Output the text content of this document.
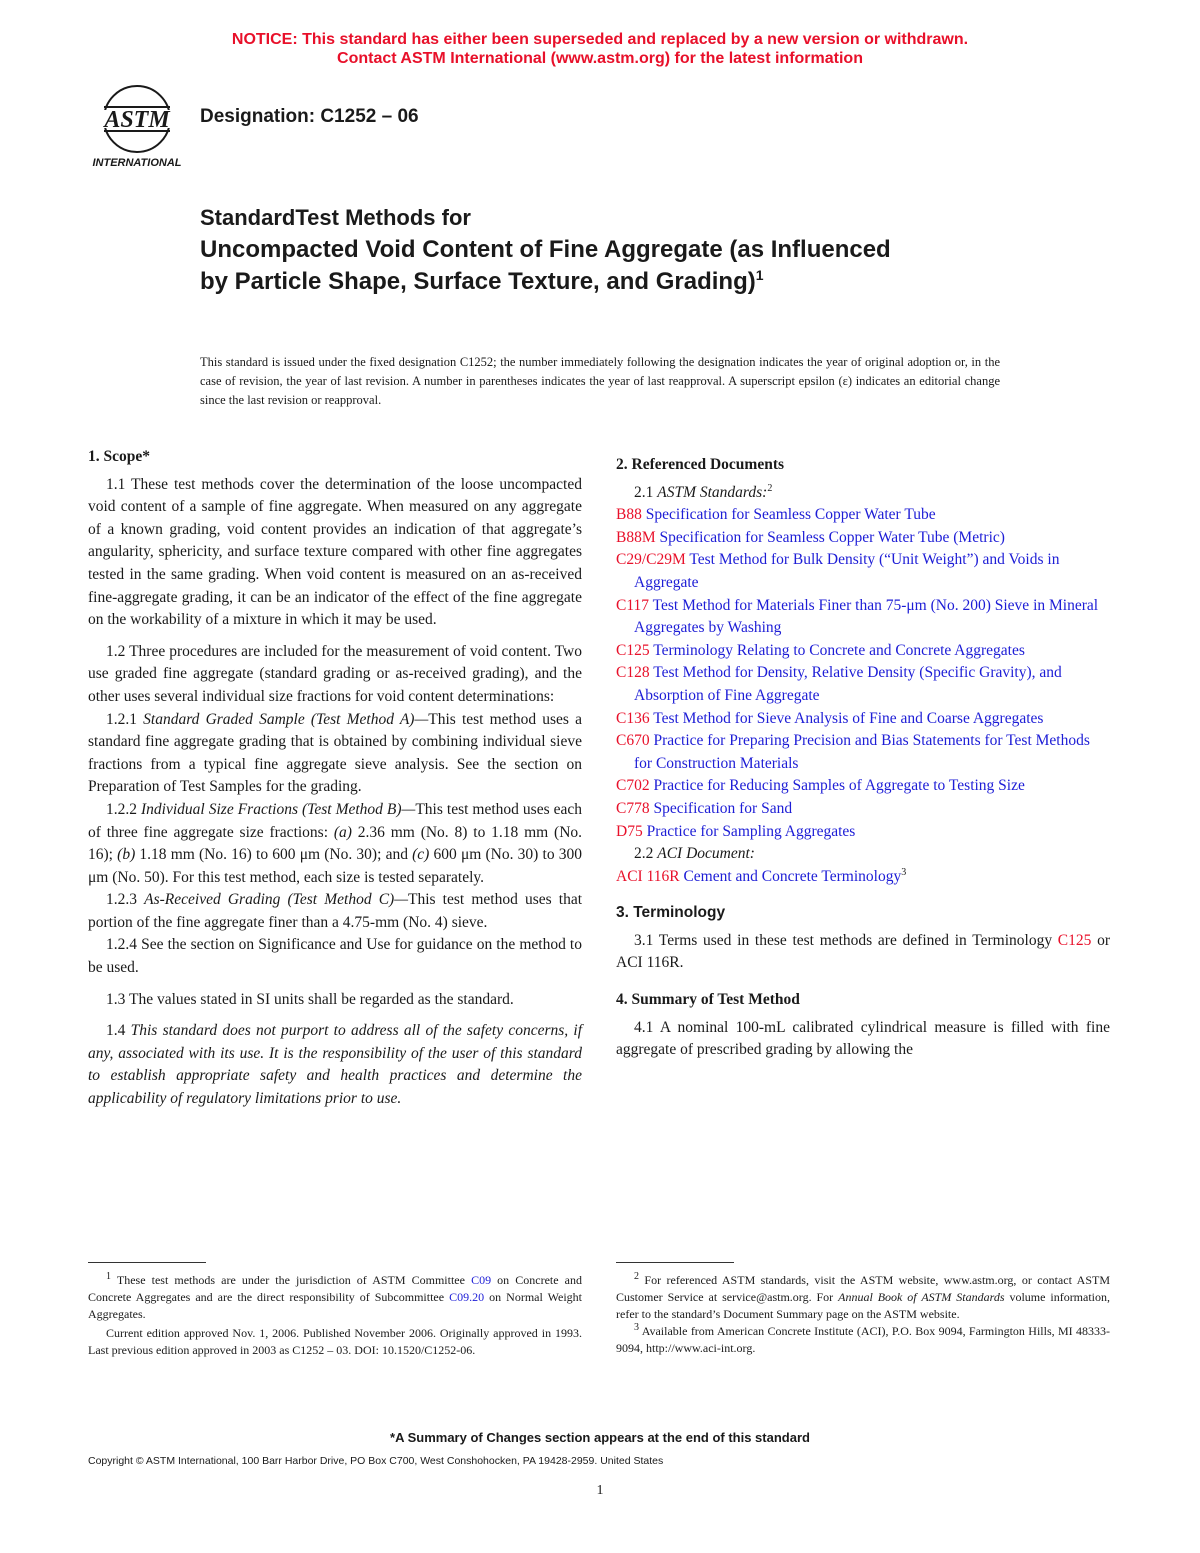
NOTICE: This standard has either been superseded and replaced by a new version or withdrawn.
Contact ASTM International (www.astm.org) for the latest information
ASTM
INTERNATIONAL
Designation: C1252 – 06
StandardTest Methods for
Uncompacted Void Content of Fine Aggregate (as Influenced by Particle Shape, Surface Texture, and Grading)$^1$
This standard is issued under the fixed designation C1252; the number immediately following the designation indicates the year of original adoption or, in the case of revision, the year of last revision. A number in parentheses indicates the year of last reapproval. A superscript epsilon (ε) indicates an editorial change since the last revision or reapproval.

1. Scope*

1.1 These test methods cover the determination of the loose uncompacted void content of a sample of fine aggregate. When measured on any aggregate of a known grading, void content provides an indication of that aggregate’s angularity, sphericity, and surface texture compared with other fine aggregates tested in the same grading. When void content is measured on an as-received fine-aggregate grading, it can be an indicator of the effect of the fine aggregate on the workability of a mixture in which it may be used.

1.2 Three procedures are included for the measurement of void content. Two use graded fine aggregate (standard grading or as-received grading), and the other uses several individual size fractions for void content determinations:

1.2.1 Standard Graded Sample (Test Method A)—This test method uses a standard fine aggregate grading that is obtained by combining individual sieve fractions from a typical fine aggregate sieve analysis. See the section on Preparation of Test Samples for the grading.

1.2.2 Individual Size Fractions (Test Method B)—This test method uses each of three fine aggregate size fractions: (a) 2.36 mm (No. 8) to 1.18 mm (No. 16); (b) 1.18 mm (No. 16) to 600 μm (No. 30); and (c) 600 μm (No. 30) to 300 μm (No. 50). For this test method, each size is tested separately.

1.2.3 As-Received Grading (Test Method C)—This test method uses that portion of the fine aggregate finer than a 4.75-mm (No. 4) sieve.

1.2.4 See the section on Significance and Use for guidance on the method to be used.

1.3 The values stated in SI units shall be regarded as the standard.

1.4 This standard does not purport to address all of the safety concerns, if any, associated with its use. It is the responsibility of the user of this standard to establish appropriate safety and health practices and determine the applicability of regulatory limitations prior to use.

2. Referenced Documents

2.1 ASTM Standards:$^2$

B88 Specification for Seamless Copper Water Tube

B88M Specification for Seamless Copper Water Tube (Metric)

C29/C29M Test Method for Bulk Density (“Unit Weight”) and Voids in Aggregate

C117 Test Method for Materials Finer than 75-μm (No. 200) Sieve in Mineral Aggregates by Washing

C125 Terminology Relating to Concrete and Concrete Aggregates

C128 Test Method for Density, Relative Density (Specific Gravity), and Absorption of Fine Aggregate

C136 Test Method for Sieve Analysis of Fine and Coarse Aggregates

C670 Practice for Preparing Precision and Bias Statements for Test Methods for Construction Materials

C702 Practice for Reducing Samples of Aggregate to Testing Size

C778 Specification for Sand

D75 Practice for Sampling Aggregates

2.2 ACI Document:

ACI 116R Cement and Concrete Terminology$^3$

3. Terminology

3.1 Terms used in these test methods are defined in Terminology C125 or ACI 116R.

4. Summary of Test Method

4.1 A nominal 100-mL calibrated cylindrical measure is filled with fine aggregate of prescribed grading by allowing the

$^1$ These test methods are under the jurisdiction of ASTM Committee C09 on Concrete and Concrete Aggregates and are the direct responsibility of Subcommittee C09.20 on Normal Weight Aggregates.

Current edition approved Nov. 1, 2006. Published November 2006. Originally approved in 1993. Last previous edition approved in 2003 as C1252 – 03. DOI: 10.1520/C1252-06.

$^2$ For referenced ASTM standards, visit the ASTM website, www.astm.org, or contact ASTM Customer Service at service@astm.org. For Annual Book of ASTM Standards volume information, refer to the standard’s Document Summary page on the ASTM website.

$^3$ Available from American Concrete Institute (ACI), P.O. Box 9094, Farmington Hills, MI 48333-9094, http://www.aci-int.org.

*A Summary of Changes section appears at the end of this standard
Copyright © ASTM International, 100 Barr Harbor Drive, PO Box C700, West Conshohocken, PA 19428-2959. United States
1
